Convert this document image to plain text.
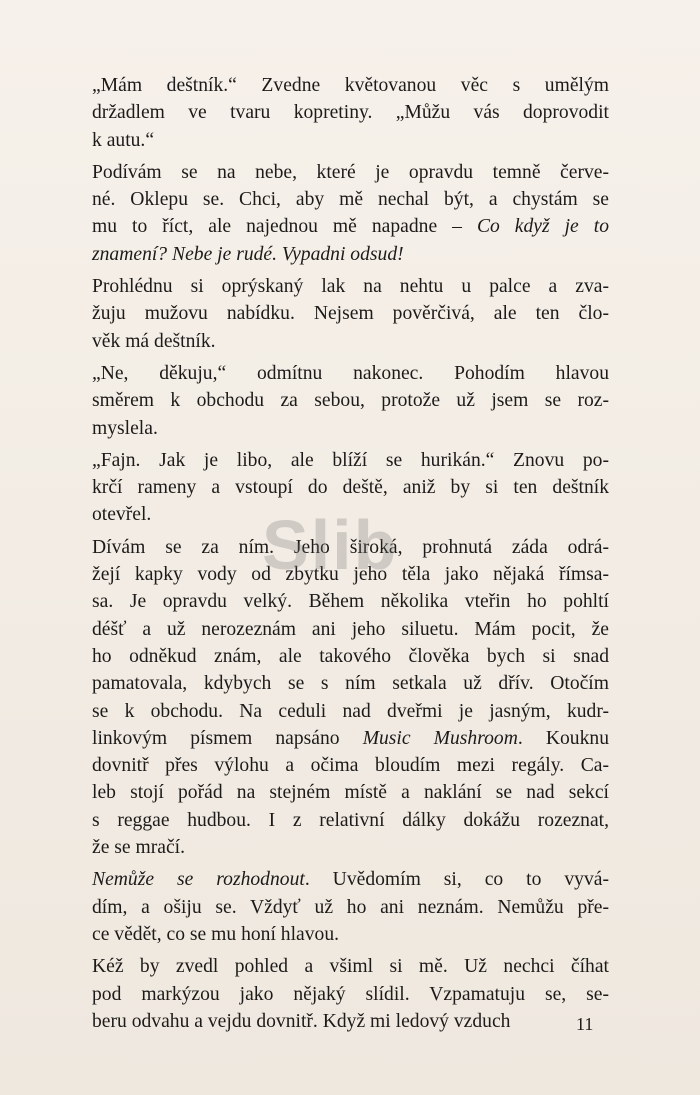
„Mám deštník.“ Zvedne květovanou věc s umělým
držadlem ve tvaru kopretiny. „Můžu vás doprovodit
k autu.“
Podívám se na nebe, které je opravdu temně červe-
né. Oklepu se. Chci, aby mě nechal být, a chystám se
mu to říct, ale najednou mě napadne – Co když je to
znamení? Nebe je rudé. Vypadni odsud!
Prohlédnu si oprýskaný lak na nehtu u palce a zva-
žuju mužovu nabídku. Nejsem pověrčivá, ale ten člo-
věk má deštník.
„Ne, děkuju,“ odmítnu nakonec. Pohodím hlavou
směrem k obchodu za sebou, protože už jsem se roz-
myslela.
„Fajn. Jak je libo, ale blíží se hurikán.“ Znovu po-
krčí rameny a vstoupí do deště, aniž by si ten deštník
otevřel.
Dívám se za ním. Jeho široká, prohnutá záda odrá-
žejí kapky vody od zbytku jeho těla jako nějaká římsa-
sa. Je opravdu velký. Během několika vteřin ho pohltí
déšť a už nerozeznám ani jeho siluetu. Mám pocit, že
ho odněkud znám, ale takového člověka bych si snad
pamatovala, kdybych se s ním setkala už dřív. Otočím
se k obchodu. Na ceduli nad dveřmi je jasným, kudr-
linkovým písmem napsáno Music Mushroom. Kouknu
dovnitř přes výlohu a očima bloudím mezi regály. Ca-
leb stojí pořád na stejném místě a naklání se nad sekcí
s reggae hudbou. I z relativní dálky dokážu rozeznat,
že se mračí.
Nemůže se rozhodnout. Uvědomím si, co to vyvá-
dím, a ošiju se. Vždyť už ho ani neznám. Nemůžu pře-
ce vědět, co se mu honí hlavou.
Kéž by zvedl pohled a všiml si mě. Už nechci číhat
pod markýzou jako nějaký slídil. Vzpamatuju se, se-
beru odvahu a vejdu dovnitř. Když mi ledový vzduch
Slib
11
